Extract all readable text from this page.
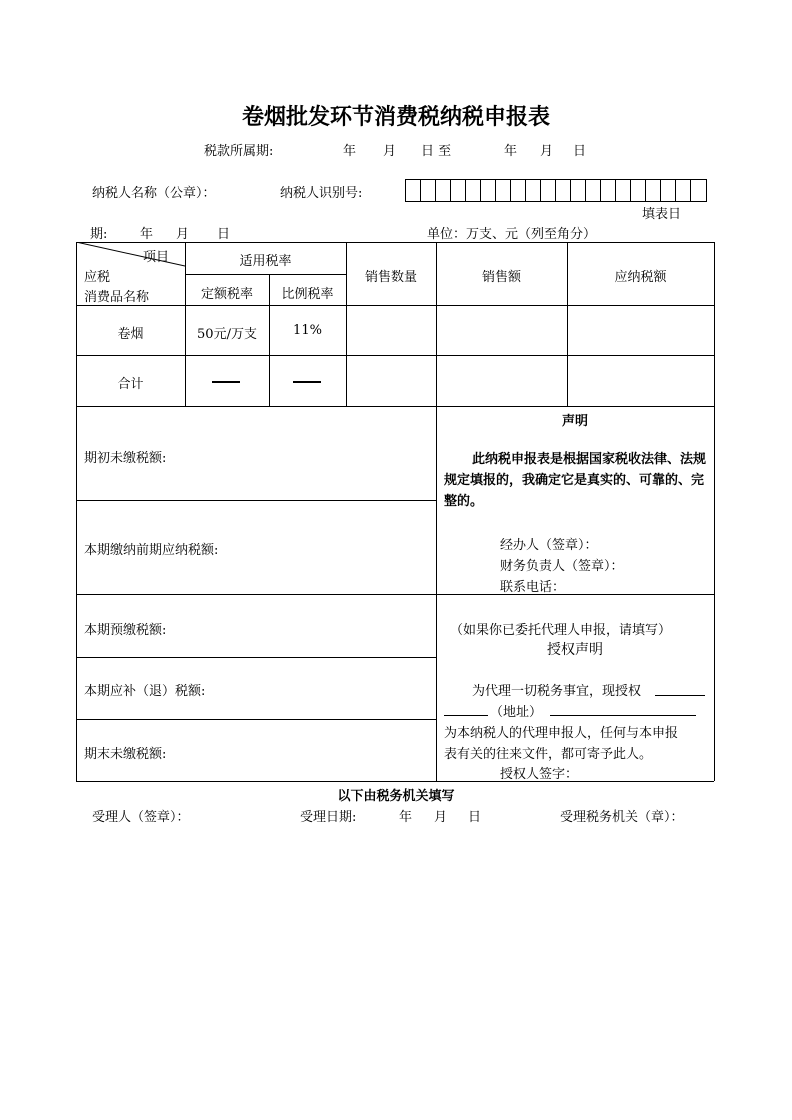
卷烟批发环节消费税纳税申报表
税款所属期:	年 月 日 至	年 月 日
纳税人名称（公章）：	纳税人识别号:
填表日
期:	年 月 日	单位：万支、元（列至角分）
项目
应税
消费品名称
适用税率
定额税率	比例税率
销售数量	销售额	应纳税额
卷烟	50元/万支	11%
合计
期初未缴税额:
本期缴纳前期应纳税额:
本期预缴税额:
本期应补（退）税额:
期末未缴税额:
声明
此纳税申报表是根据国家税收法律、法规规定填报的，我确定它是真实的、可靠的、完整的。
经办人（签章）：
财务负责人（签章）：
联系电话：
（如果你已委托代理人申报，请填写）
授权声明
为代理一切税务事宜，现授权
（地址）
为本纳税人的代理申报人，任何与本申报
表有关的往来文件，都可寄予此人。
授权人签字：
以下由税务机关填写
受理人（签章）：	受理日期:	年 月 日	受理税务机关（章）：
